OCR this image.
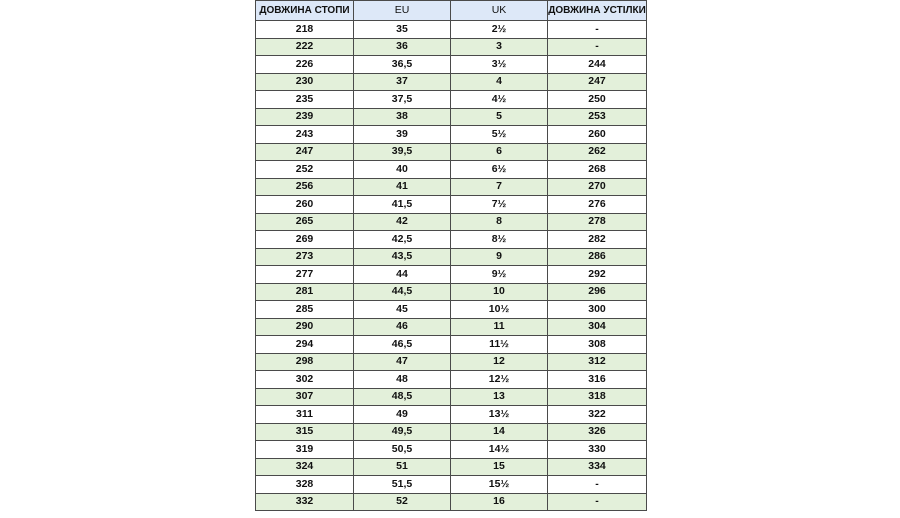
ДОВЖИНА СТОПИ	EU	UK	ДОВЖИНА УСТІЛКИ
218	35	2½	-
222	36	3	-
226	36,5	3½	244
230	37	4	247
235	37,5	4½	250
239	38	5	253
243	39	5½	260
247	39,5	6	262
252	40	6½	268
256	41	7	270
260	41,5	7½	276
265	42	8	278
269	42,5	8½	282
273	43,5	9	286
277	44	9½	292
281	44,5	10	296
285	45	10½	300
290	46	11	304
294	46,5	11½	308
298	47	12	312
302	48	12½	316
307	48,5	13	318
311	49	13½	322
315	49,5	14	326
319	50,5	14½	330
324	51	15	334
328	51,5	15½	-
332	52	16	-
